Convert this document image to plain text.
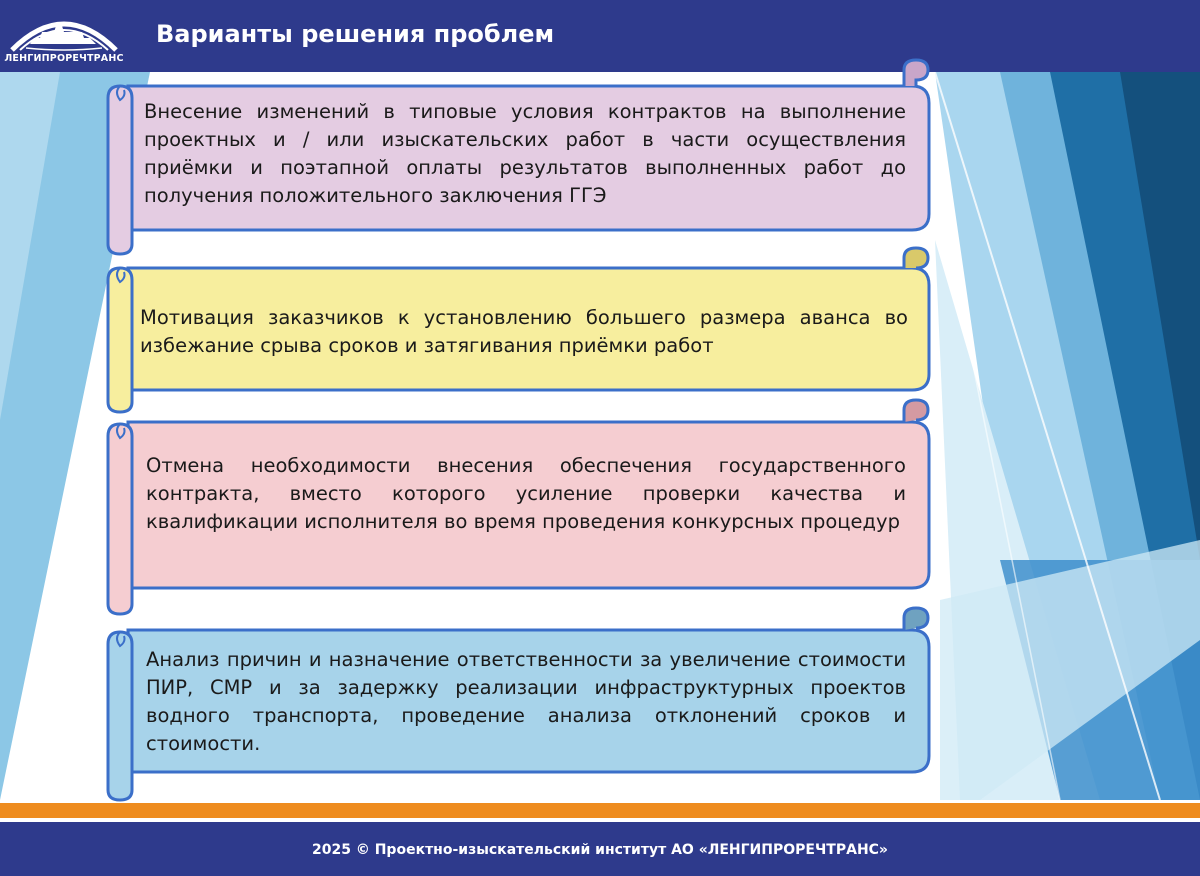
ЛЕНГИПРОРЕЧТРАНС
Варианты решения проблем

Внесение изменений в типовые условия контрактов на выполнение проектных и / или изыскательских работ в части осуществления приёмки и поэтапной оплаты результатов выполненных работ до получения положительного заключения ГГЭ

Мотивация заказчиков к установлению большего размера аванса во избежание срыва сроков и затягивания приёмки работ

Отмена необходимости внесения обеспечения государственного контракта, вместо которого усиление проверки качества и квалификации исполнителя во время проведения конкурсных процедур

Анализ причин и назначение ответственности за увеличение стоимости ПИР, СМР и за задержку реализации инфраструктурных проектов водного транспорта, проведение анализа отклонений сроков и стоимости.

2025 © Проектно-изыскательский институт АО «ЛЕНГИПРОРЕЧТРАНС»
